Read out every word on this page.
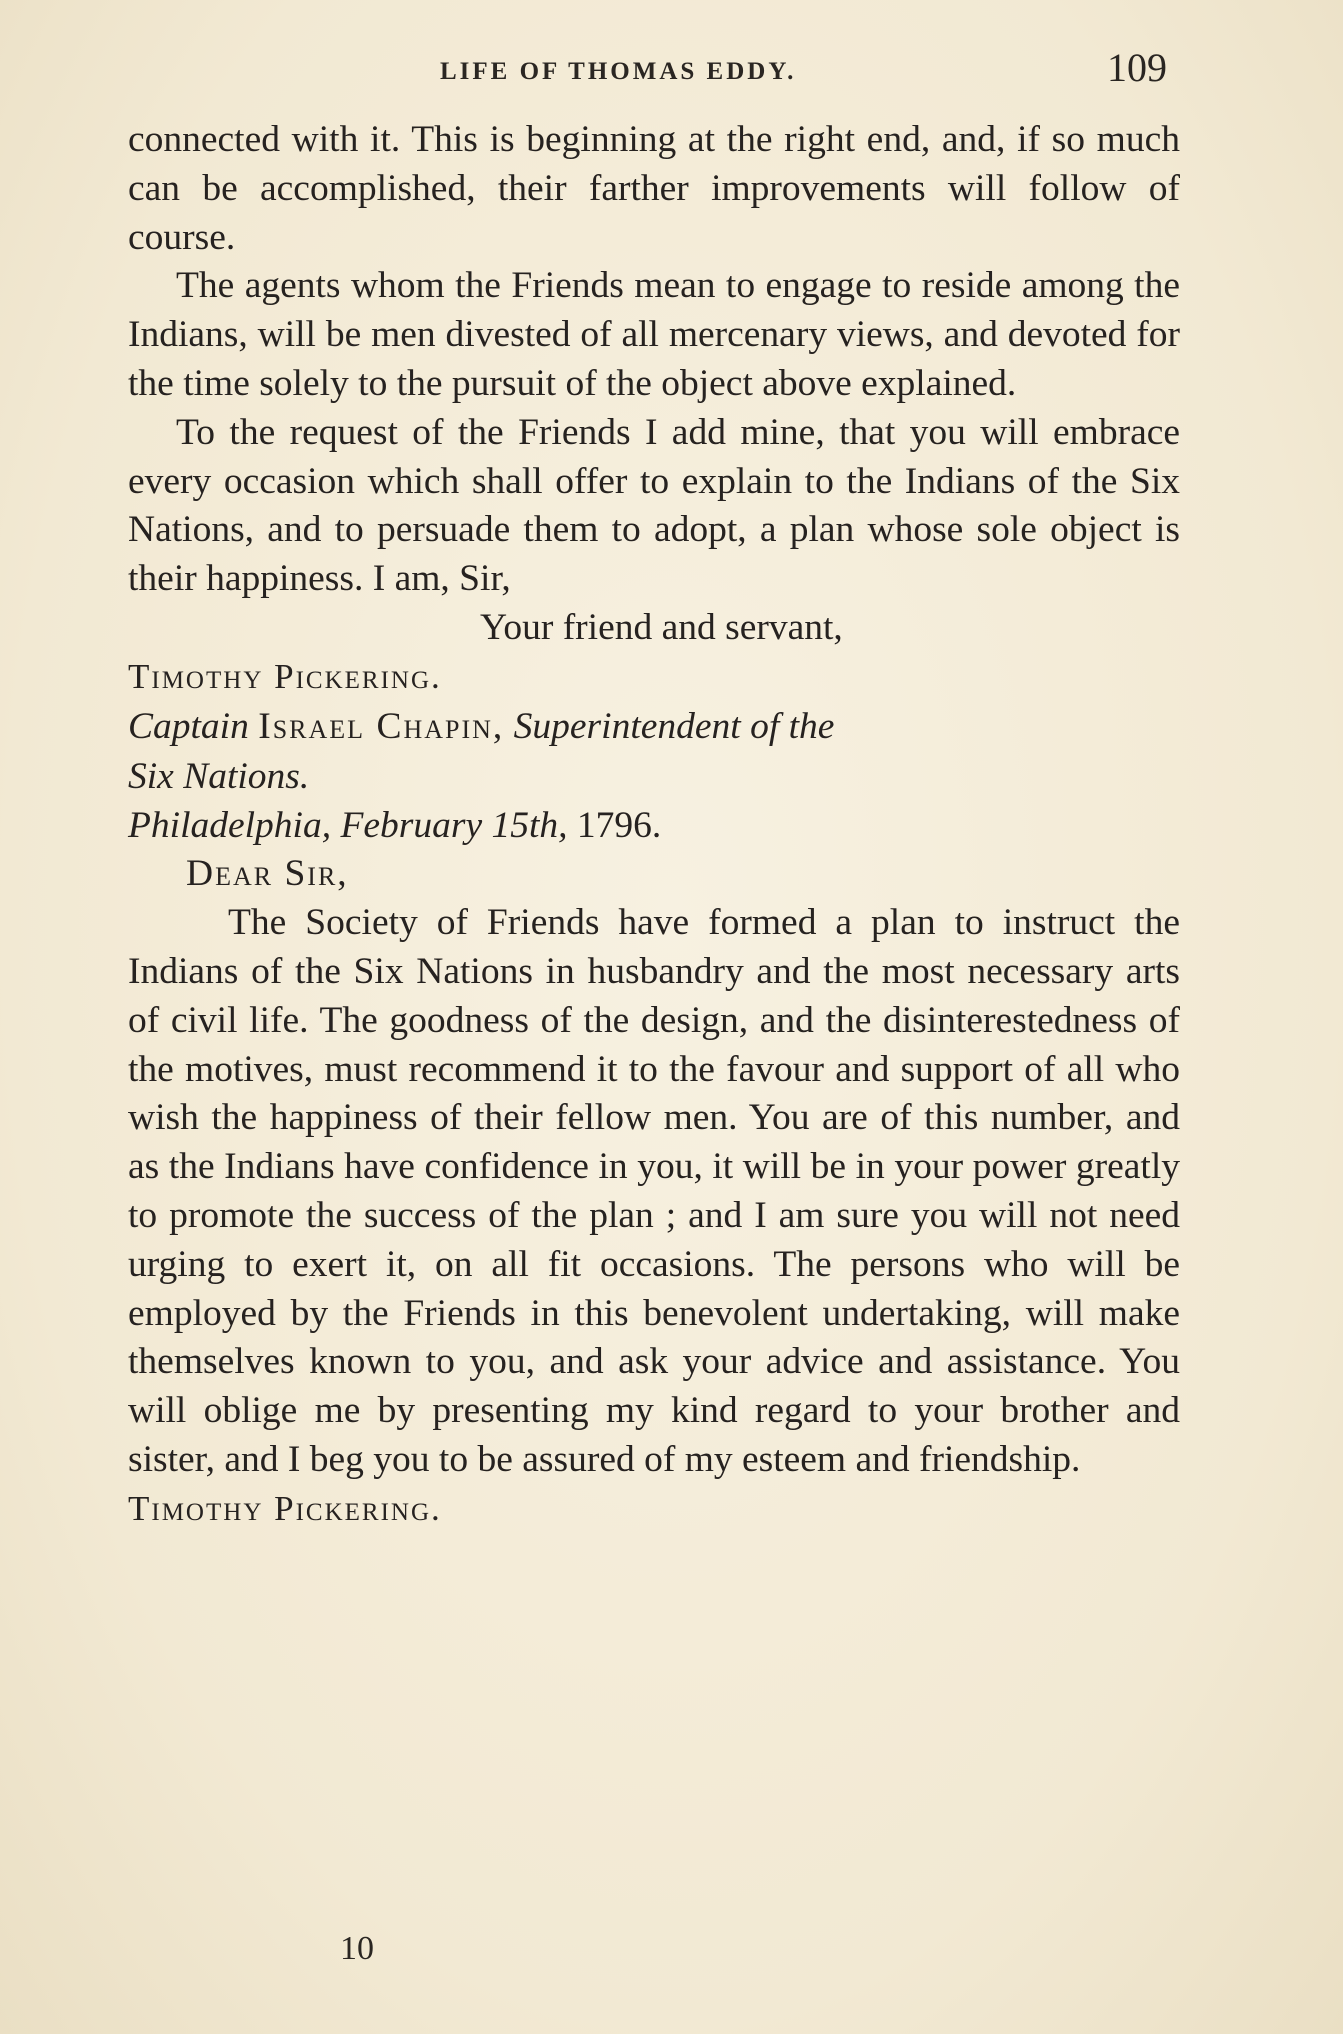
LIFE OF THOMAS EDDY.	109

connected with it. This is beginning at the right end, and, if so much can be accomplished, their farther improvements will follow of course.

The agents whom the Friends mean to engage to reside among the Indians, will be men divested of all mercenary views, and devoted for the time solely to the pursuit of the object above explained.

To the request of the Friends I add mine, that you will embrace every occasion which shall offer to explain to the Indians of the Six Nations, and to persuade them to adopt, a plan whose sole object is their happiness. I am, Sir,

Your friend and servant,

Timothy Pickering.

Captain Israel Chapin, Superintendent of the
Six Nations.

Philadelphia, February 15th, 1796.

Dear Sir,

The Society of Friends have formed a plan to instruct the Indians of the Six Nations in husbandry and the most necessary arts of civil life. The goodness of the design, and the disinterestedness of the motives, must recommend it to the favour and support of all who wish the happiness of their fellow men. You are of this number, and as the Indians have confidence in you, it will be in your power greatly to promote the success of the plan ; and I am sure you will not need urging to exert it, on all fit occasions. The persons who will be employed by the Friends in this benevolent undertaking, will make themselves known to you, and ask your advice and assistance. You will oblige me by presenting my kind regard to your brother and sister, and I beg you to be assured of my esteem and friendship.

Timothy Pickering.

10
